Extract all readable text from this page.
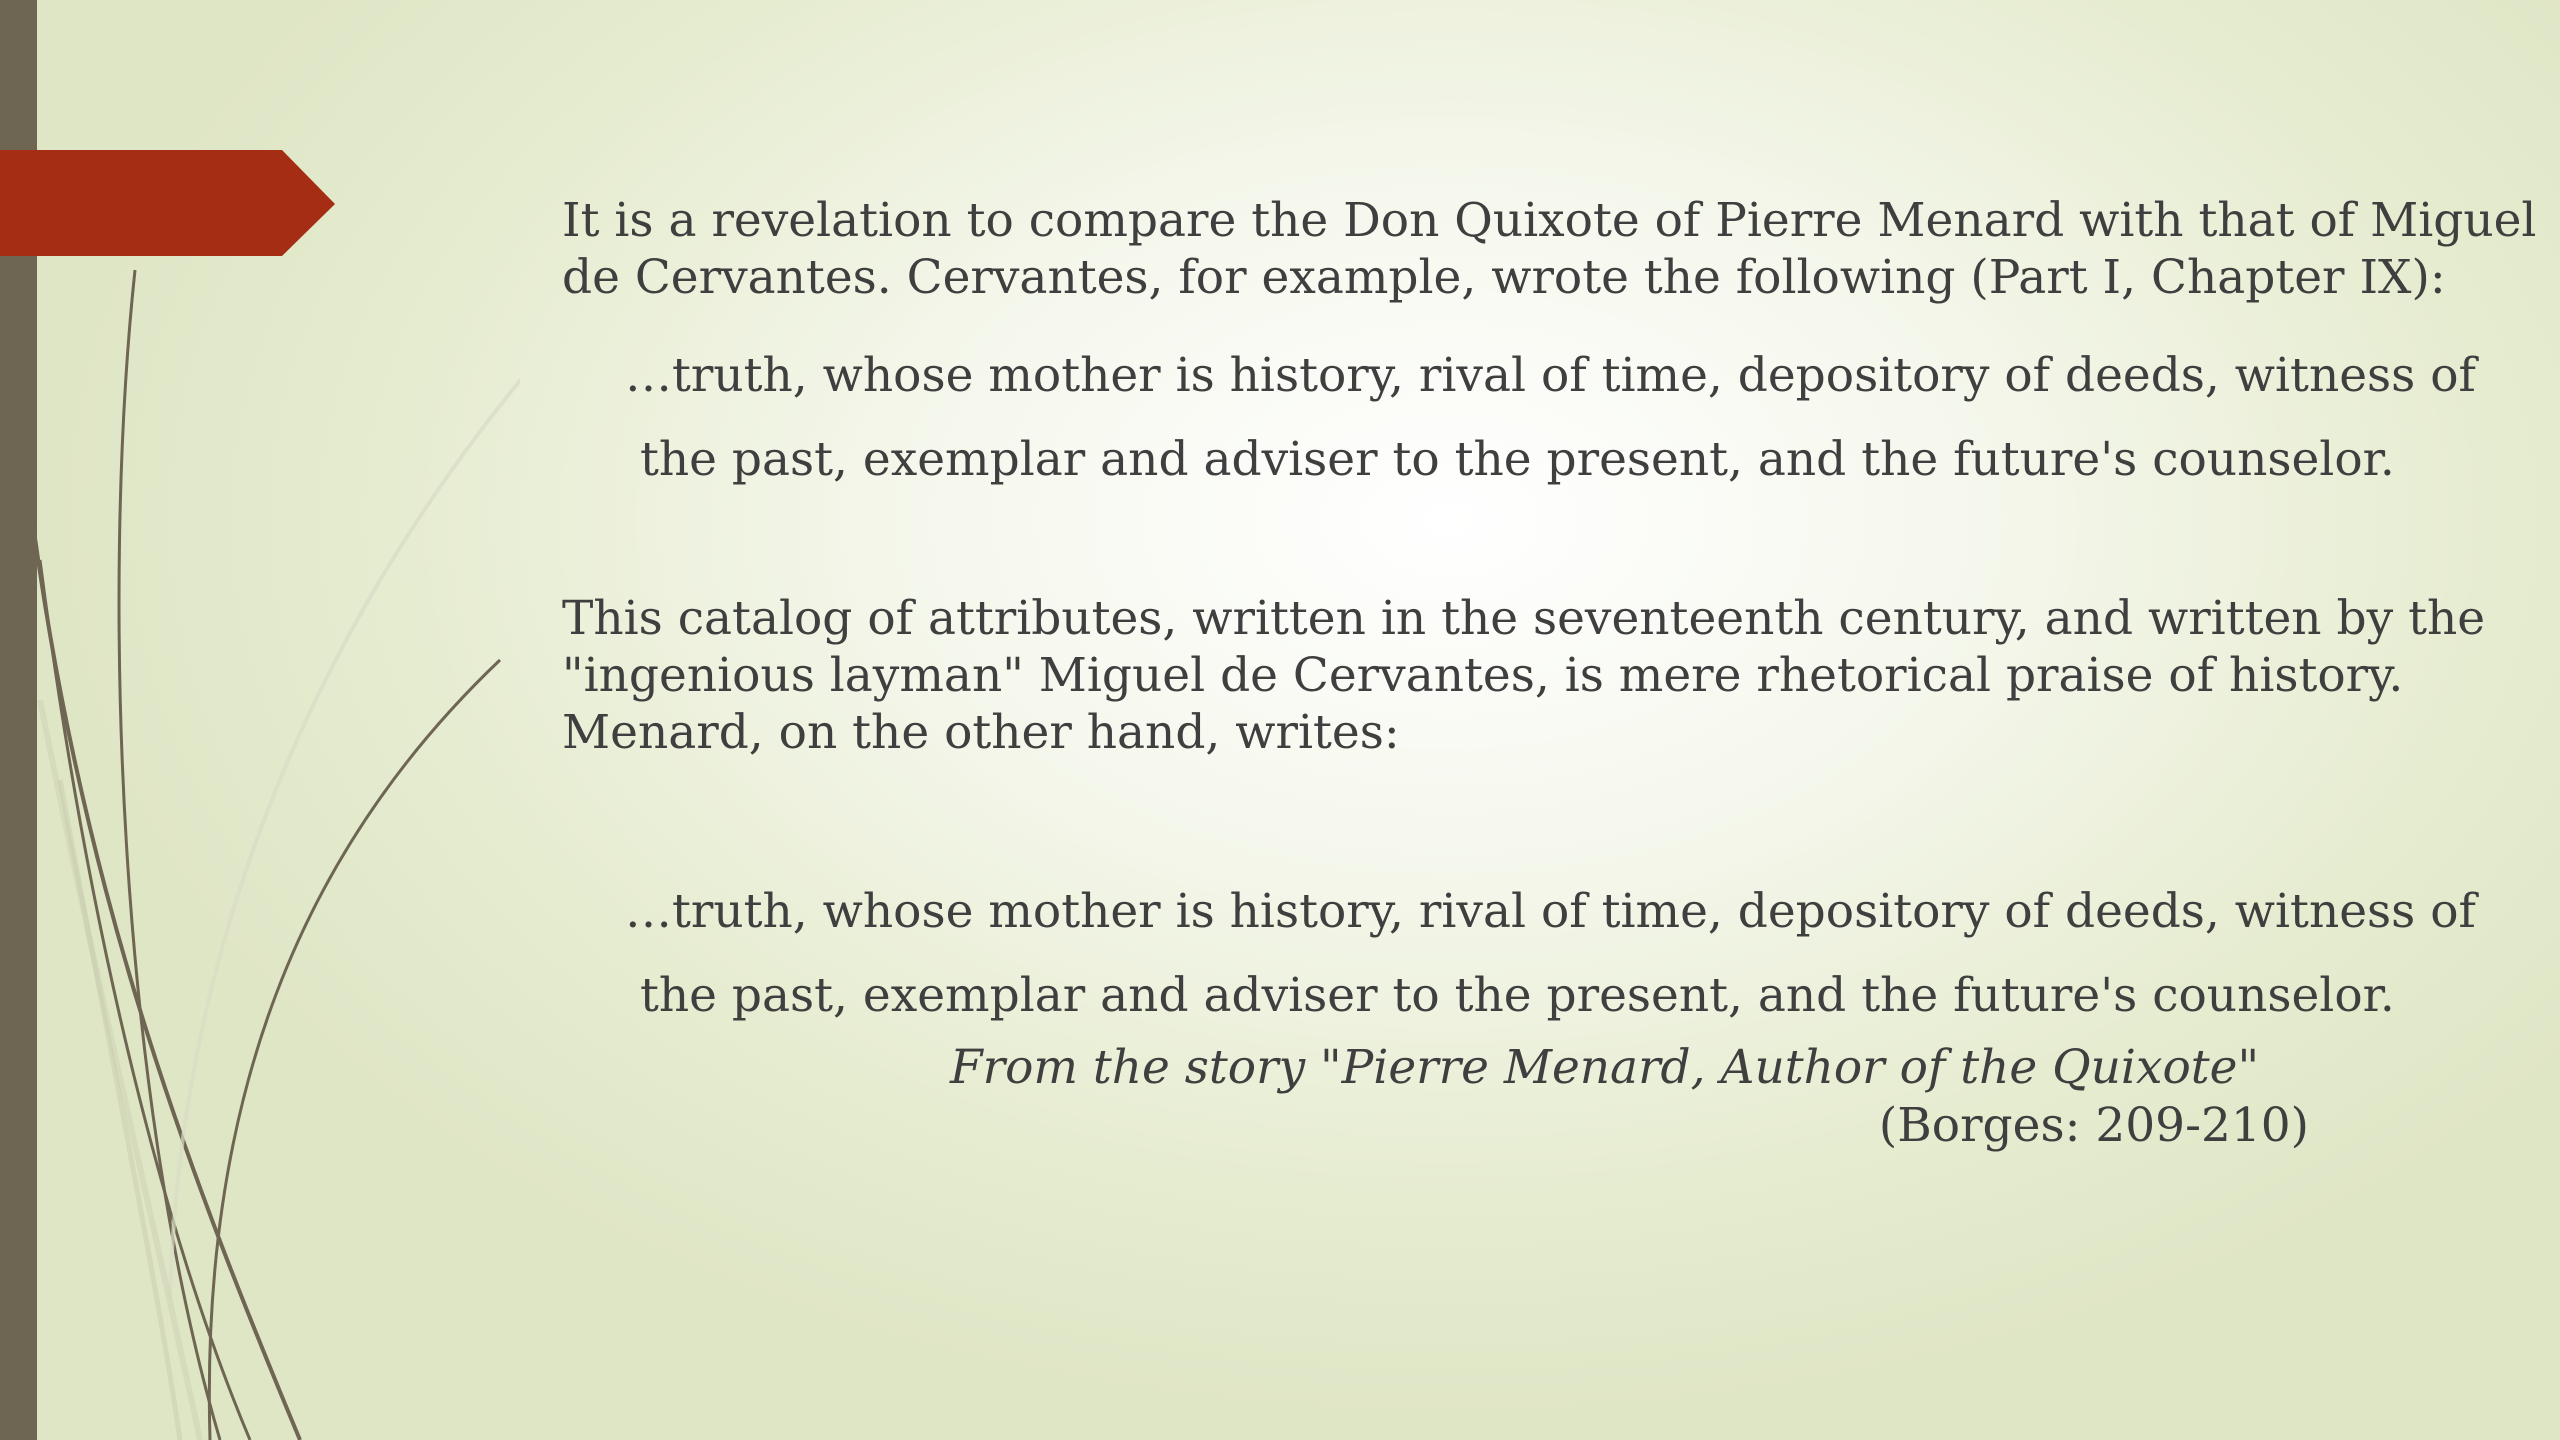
It is a revelation to compare the Don Quixote of Pierre Menard with that of Miguel
de Cervantes. Cervantes, for example, wrote the following (Part I, Chapter IX):
…truth, whose mother is history, rival of time, depository of deeds, witness of
the past, exemplar and adviser to the present, and the future's counselor.
This catalog of attributes, written in the seventeenth century, and written by the
"ingenious layman" Miguel de Cervantes, is mere rhetorical praise of history.
Menard, on the other hand, writes:
…truth, whose mother is history, rival of time, depository of deeds, witness of
the past, exemplar and adviser to the present, and the future's counselor.
From the story "Pierre Menard, Author of the Quixote"
(Borges: 209-210)
